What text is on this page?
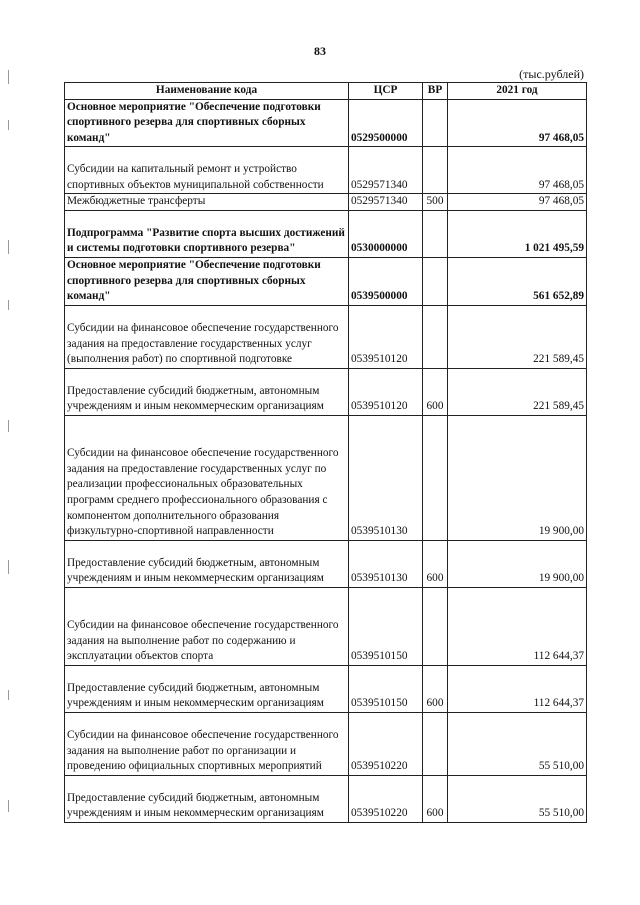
83
(тыс.рублей)
Наименование кода	ЦСР	ВР	2021 год
Основное мероприятие "Обеспечение подготовки спортивного резерва для спортивных сборных команд"	0529500000		97 468,05
Субсидии на капитальный ремонт и устройство спортивных объектов муниципальной собственности	0529571340		97 468,05
Межбюджетные трансферты	0529571340	500	97 468,05
Подпрограмма "Развитие спорта высших достижений и системы подготовки спортивного резерва"	0530000000		1 021 495,59
Основное мероприятие "Обеспечение подготовки спортивного резерва для спортивных сборных команд"	0539500000		561 652,89
Субсидии на финансовое обеспечение государственного задания на предоставление государственных услуг (выполнения работ) по спортивной подготовке	0539510120		221 589,45
Предоставление субсидий бюджетным, автономным учреждениям и иным некоммерческим организациям	0539510120	600	221 589,45
Субсидии на финансовое обеспечение государственного задания на предоставление государственных услуг по реализации профессиональных образовательных программ среднего профессионального образования с компонентом дополнительного образования физкультурно-спортивной направленности	0539510130		19 900,00
Предоставление субсидий бюджетным, автономным учреждениям и иным некоммерческим организациям	0539510130	600	19 900,00
Субсидии на финансовое обеспечение государственного задания на выполнение работ по содержанию и эксплуатации объектов спорта	0539510150		112 644,37
Предоставление субсидий бюджетным, автономным учреждениям и иным некоммерческим организациям	0539510150	600	112 644,37
Субсидии на финансовое обеспечение государственного задания на выполнение работ по организации и проведению официальных спортивных мероприятий	0539510220		55 510,00
Предоставление субсидий бюджетным, автономным учреждениям и иным некоммерческим организациям	0539510220	600	55 510,00
